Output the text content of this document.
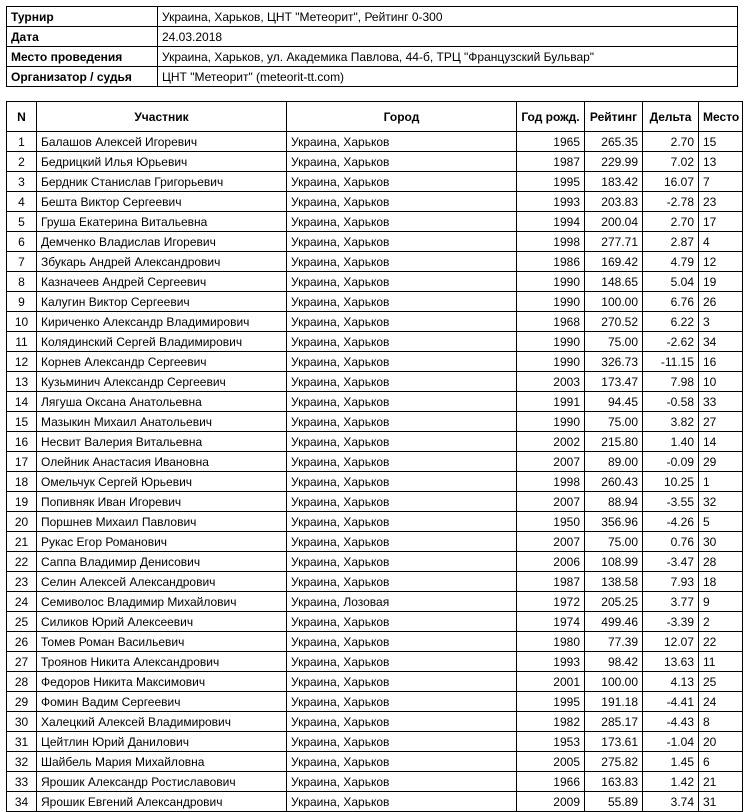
Турнир	Украина, Харьков, ЦНТ "Метеорит", Рейтинг 0-300
Дата	24.03.2018
Место проведения	Украина, Харьков, ул. Академика Павлова, 44-б, ТРЦ "Французский Бульвар"
Организатор / судья	ЦНТ "Метеорит" (meteorit-tt.com)
N	Участник	Город	Год рожд.	Рейтинг	Дельта	Место
1	Балашов Алексей Игоревич	Украина, Харьков	1965	265.35	2.70	15
2	Бедрицкий Илья Юрьевич	Украина, Харьков	1987	229.99	7.02	13
3	Бердник Станислав Григорьевич	Украина, Харьков	1995	183.42	16.07	7
4	Бешта Виктор Сергеевич	Украина, Харьков	1993	203.83	-2.78	23
5	Груша Екатерина Витальевна	Украина, Харьков	1994	200.04	2.70	17
6	Демченко Владислав Игоревич	Украина, Харьков	1998	277.71	2.87	4
7	Збукарь Андрей Александрович	Украина, Харьков	1986	169.42	4.79	12
8	Казначеев Андрей Сергеевич	Украина, Харьков	1990	148.65	5.04	19
9	Калугин Виктор Сергеевич	Украина, Харьков	1990	100.00	6.76	26
10	Кириченко Александр Владимирович	Украина, Харьков	1968	270.52	6.22	3
11	Колядинский Сергей Владимирович	Украина, Харьков	1990	75.00	-2.62	34
12	Корнев Александр Сергеевич	Украина, Харьков	1990	326.73	-11.15	16
13	Кузьминич Александр Сергеевич	Украина, Харьков	2003	173.47	7.98	10
14	Лягуша Оксана Анатольевна	Украина, Харьков	1991	94.45	-0.58	33
15	Мазыкин Михаил Анатольевич	Украина, Харьков	1990	75.00	3.82	27
16	Несвит Валерия Витальевна	Украина, Харьков	2002	215.80	1.40	14
17	Олейник Анастасия Ивановна	Украина, Харьков	2007	89.00	-0.09	29
18	Омельчук Сергей Юрьевич	Украина, Харьков	1998	260.43	10.25	1
19	Попивняк Иван Игоревич	Украина, Харьков	2007	88.94	-3.55	32
20	Поршнев Михаил Павлович	Украина, Харьков	1950	356.96	-4.26	5
21	Рукас Егор Романович	Украина, Харьков	2007	75.00	0.76	30
22	Саппа Владимир Денисович	Украина, Харьков	2006	108.99	-3.47	28
23	Селин Алексей Александрович	Украина, Харьков	1987	138.58	7.93	18
24	Семиволос Владимир Михайлович	Украина, Лозовая	1972	205.25	3.77	9
25	Силиков Юрий Алексеевич	Украина, Харьков	1974	499.46	-3.39	2
26	Томев Роман Васильевич	Украина, Харьков	1980	77.39	12.07	22
27	Троянов Никита Александрович	Украина, Харьков	1993	98.42	13.63	11
28	Федоров Никита Максимович	Украина, Харьков	2001	100.00	4.13	25
29	Фомин Вадим Сергеевич	Украина, Харьков	1995	191.18	-4.41	24
30	Халецкий Алексей Владимирович	Украина, Харьков	1982	285.17	-4.43	8
31	Цейтлин Юрий Данилович	Украина, Харьков	1953	173.61	-1.04	20
32	Шайбель Мария Михайловна	Украина, Харьков	2005	275.82	1.45	6
33	Ярошик Александр Ростиславович	Украина, Харьков	1966	163.83	1.42	21
34	Ярошик Евгений Александрович	Украина, Харьков	2009	55.89	3.74	31
